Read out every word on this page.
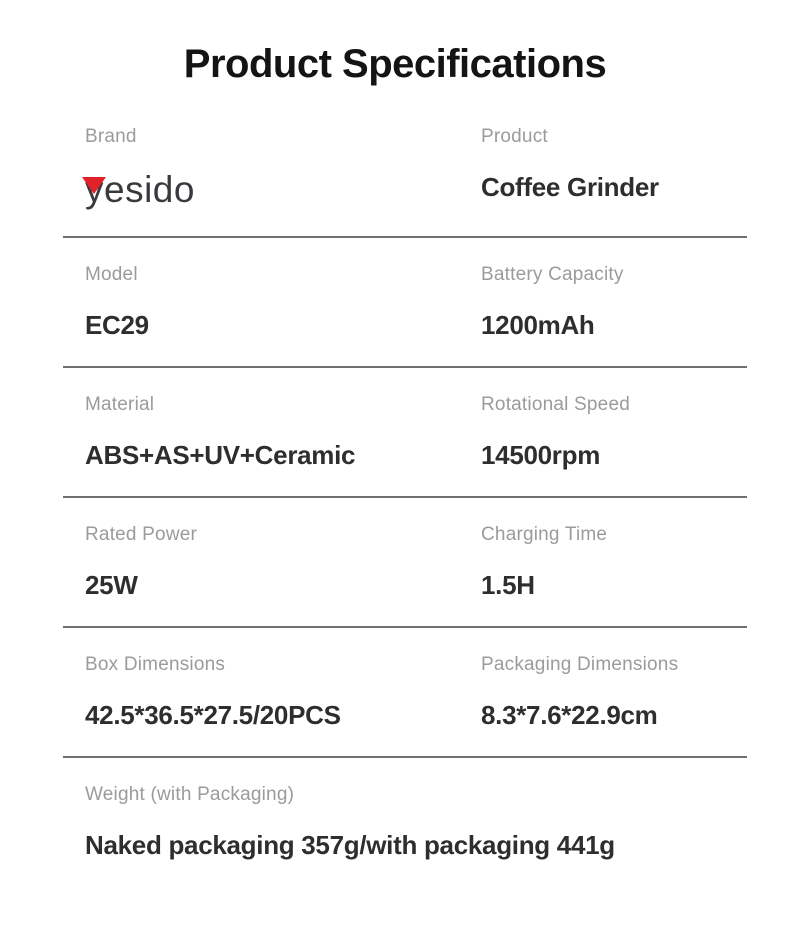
Product Specifications
Brand
yesido
Product
Coffee Grinder
Model
EC29
Battery Capacity
1200mAh
Material
ABS+AS+UV+Ceramic
Rotational Speed
14500rpm
Rated Power
25W
Charging Time
1.5H
Box Dimensions
42.5*36.5*27.5/20PCS
Packaging Dimensions
8.3*7.6*22.9cm
Weight (with Packaging)
Naked packaging 357g/with packaging 441g
